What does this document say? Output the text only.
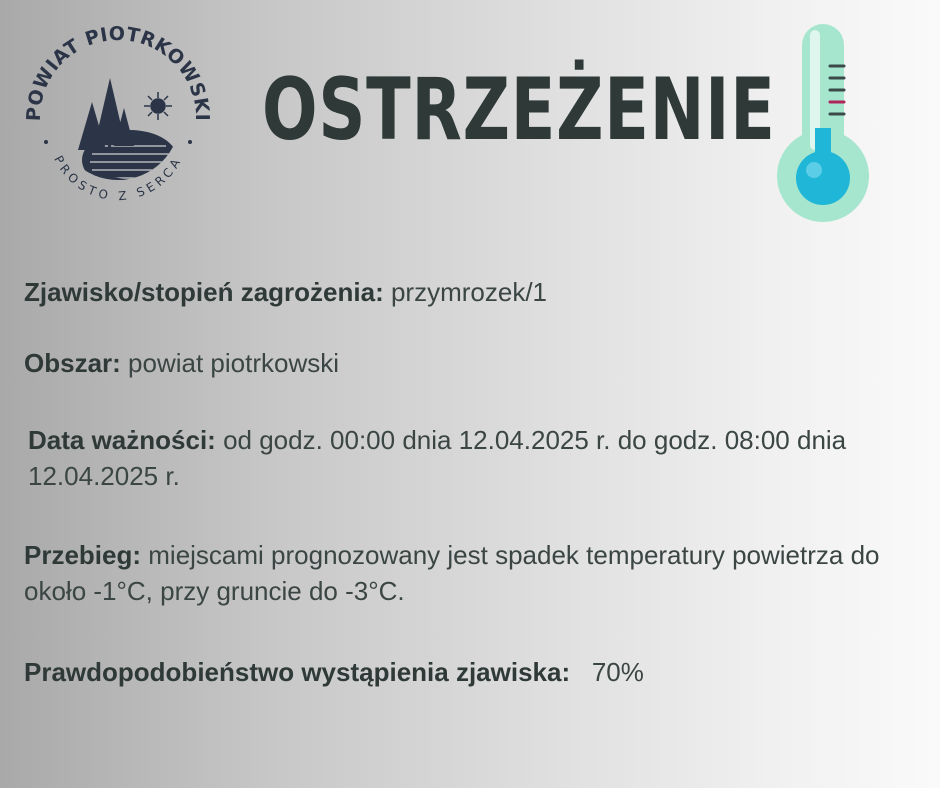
POWIAT PIOTRKOWSKI
PROSTO Z SERCA
OSTRZEŻENIE
Zjawisko/stopień zagrożenia: przymrozek/1
Obszar: powiat piotrkowski
Data ważności: od godz. 00:00 dnia 12.04.2025 r. do godz. 08:00 dnia 12.04.2025 r.
Przebieg: miejscami prognozowany jest spadek temperatury powietrza do około -1°C, przy gruncie do -3°C.
Prawdopodobieństwo wystąpienia zjawiska: 70%
